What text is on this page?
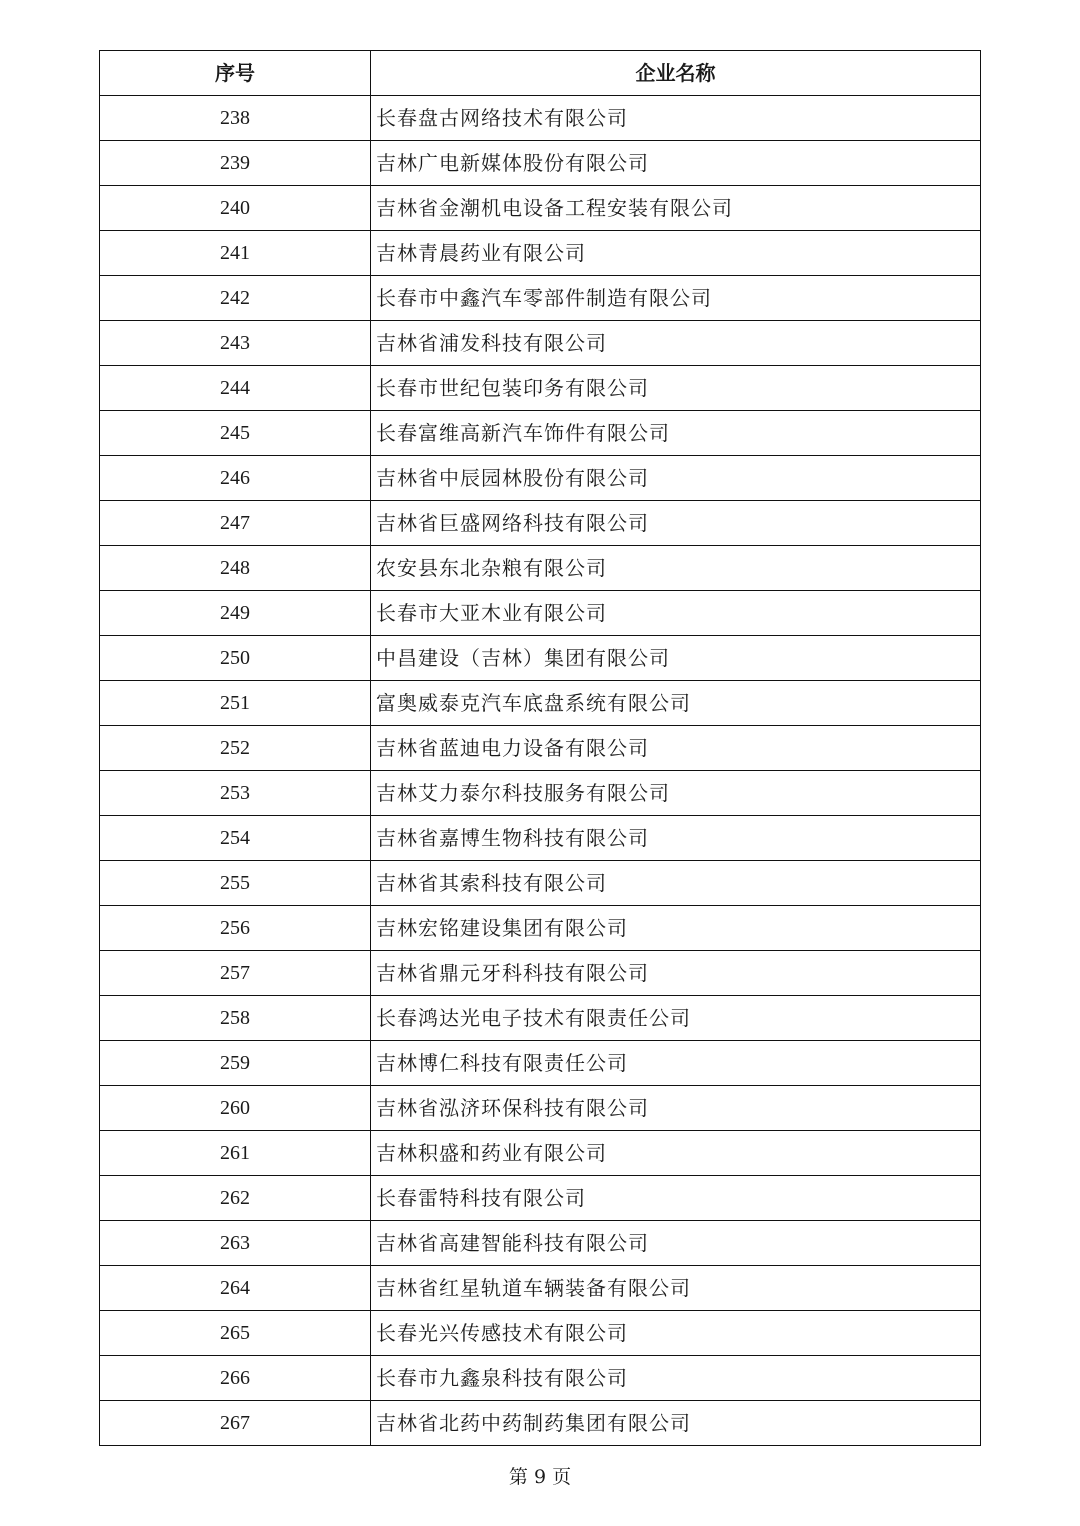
序号	企业名称
238	长春盘古网络技术有限公司
239	吉林广电新媒体股份有限公司
240	吉林省金潮机电设备工程安装有限公司
241	吉林青晨药业有限公司
242	长春市中鑫汽车零部件制造有限公司
243	吉林省浦发科技有限公司
244	长春市世纪包装印务有限公司
245	长春富维高新汽车饰件有限公司
246	吉林省中辰园林股份有限公司
247	吉林省巨盛网络科技有限公司
248	农安县东北杂粮有限公司
249	长春市大亚木业有限公司
250	中昌建设（吉林）集团有限公司
251	富奥威泰克汽车底盘系统有限公司
252	吉林省蓝迪电力设备有限公司
253	吉林艾力泰尔科技服务有限公司
254	吉林省嘉博生物科技有限公司
255	吉林省其索科技有限公司
256	吉林宏铭建设集团有限公司
257	吉林省鼎元牙科科技有限公司
258	长春鸿达光电子技术有限责任公司
259	吉林博仁科技有限责任公司
260	吉林省泓济环保科技有限公司
261	吉林积盛和药业有限公司
262	长春雷特科技有限公司
263	吉林省高建智能科技有限公司
264	吉林省红星轨道车辆装备有限公司
265	长春光兴传感技术有限公司
266	长春市九鑫泉科技有限公司
267	吉林省北药中药制药集团有限公司
第 9 页
